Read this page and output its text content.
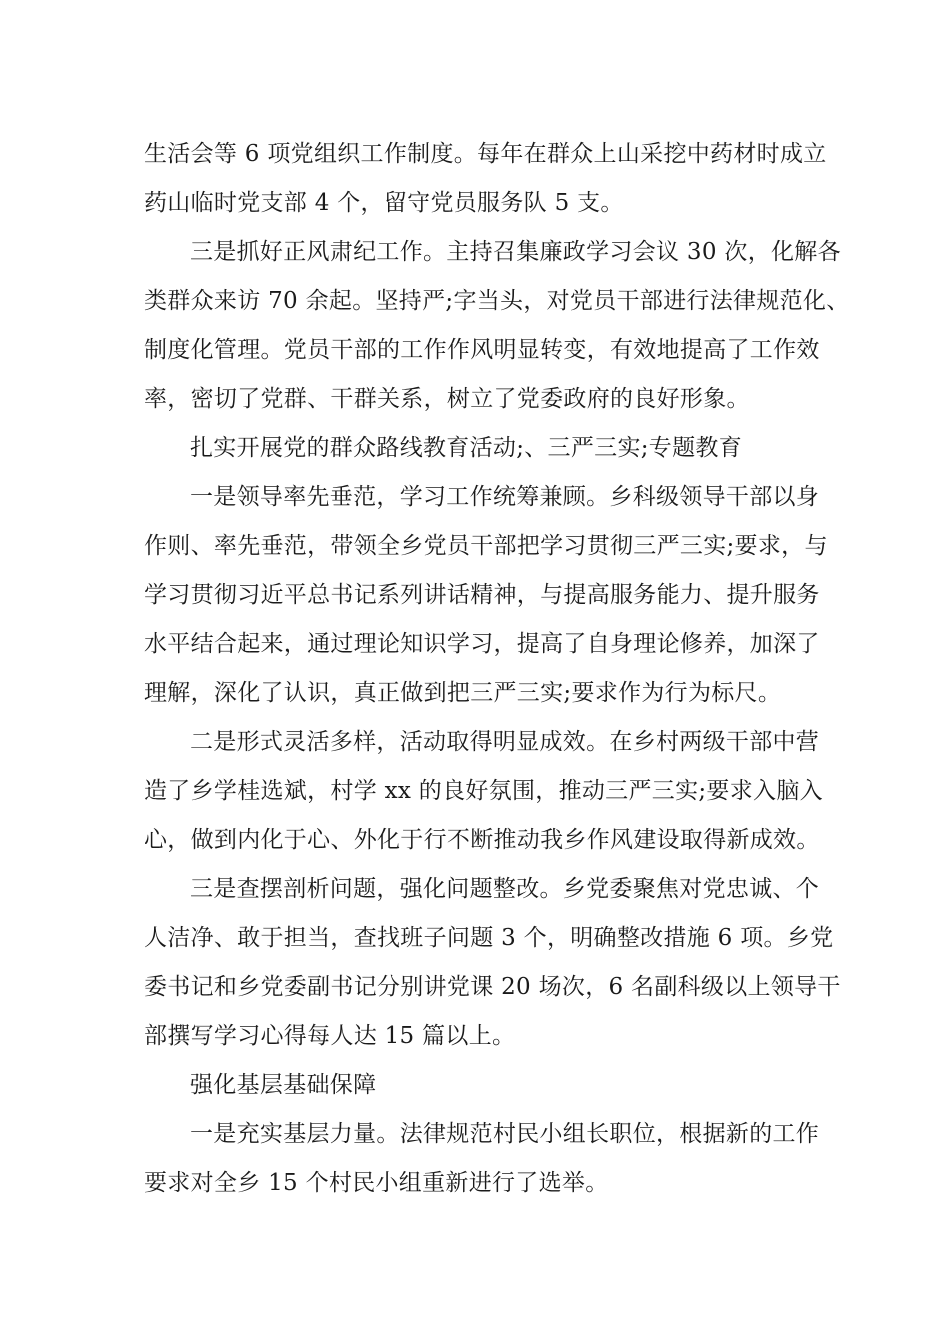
生活会等 6 项党组织工作制度。每年在群众上山采挖中药材时成立
药山临时党支部 4 个，留守党员服务队 5 支。

三是抓好正风肃纪工作。主持召集廉政学习会议 30 次，化解各
类群众来访 70 余起。坚持严;字当头，对党员干部进行法律规范化、
制度化管理。党员干部的工作作风明显转变，有效地提高了工作效
率，密切了党群、干群关系，树立了党委政府的良好形象。

扎实开展党的群众路线教育活动;、三严三实;专题教育

一是领导率先垂范，学习工作统筹兼顾。乡科级领导干部以身
作则、率先垂范，带领全乡党员干部把学习贯彻三严三实;要求，与
学习贯彻习近平总书记系列讲话精神，与提高服务能力、提升服务
水平结合起来，通过理论知识学习，提高了自身理论修养，加深了
理解，深化了认识，真正做到把三严三实;要求作为行为标尺。

二是形式灵活多样，活动取得明显成效。在乡村两级干部中营
造了乡学桂选斌，村学 xx 的良好氛围，推动三严三实;要求入脑入
心，做到内化于心、外化于行不断推动我乡作风建设取得新成效。

三是查摆剖析问题，强化问题整改。乡党委聚焦对党忠诚、个
人洁净、敢于担当，查找班子问题 3 个，明确整改措施 6 项。乡党
委书记和乡党委副书记分别讲党课 20 场次，6 名副科级以上领导干
部撰写学习心得每人达 15 篇以上。

强化基层基础保障

一是充实基层力量。法律规范村民小组长职位，根据新的工作
要求对全乡 15 个村民小组重新进行了选举。
